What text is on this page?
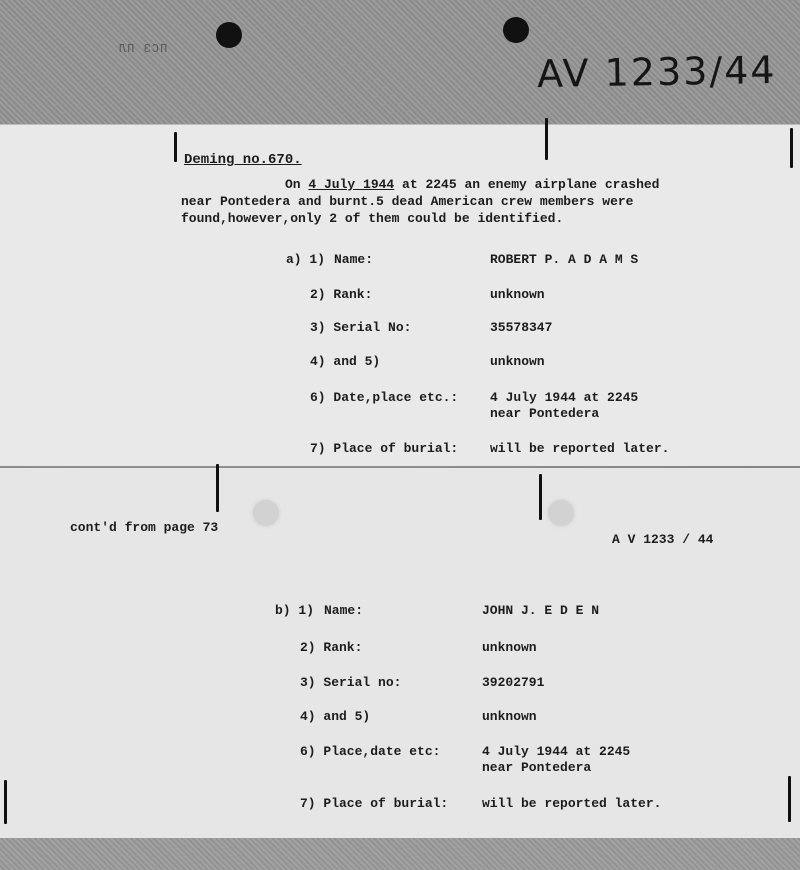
ПСЗ ПЛ	AV 1233/44
Deming no.670.

On 4 July 1944 at 2245 an enemy airplane crashed

near Pontedera and burnt.5 dead American crew members were

found,however,only 2 of them could be identified.

a) 1) Name:	ROBERT P. A D A M S
2) Rank:	unknown
3) Serial No:	35578347
4) and 5)	unknown
6) Date,place etc.: 4 July 1944 at 2245
near Pontedera
7) Place of burial: will be reported later.
cont'd from page 73
A V 1233 / 44
b) 1) Name:	JOHN J. E D E N
2) Rank:	unknown
3) Serial no:	39202791
4) and 5)	unknown
6) Place,date etc:	4 July 1944 at 2245
near Pontedera
7) Place of burial:	will be reported later.
